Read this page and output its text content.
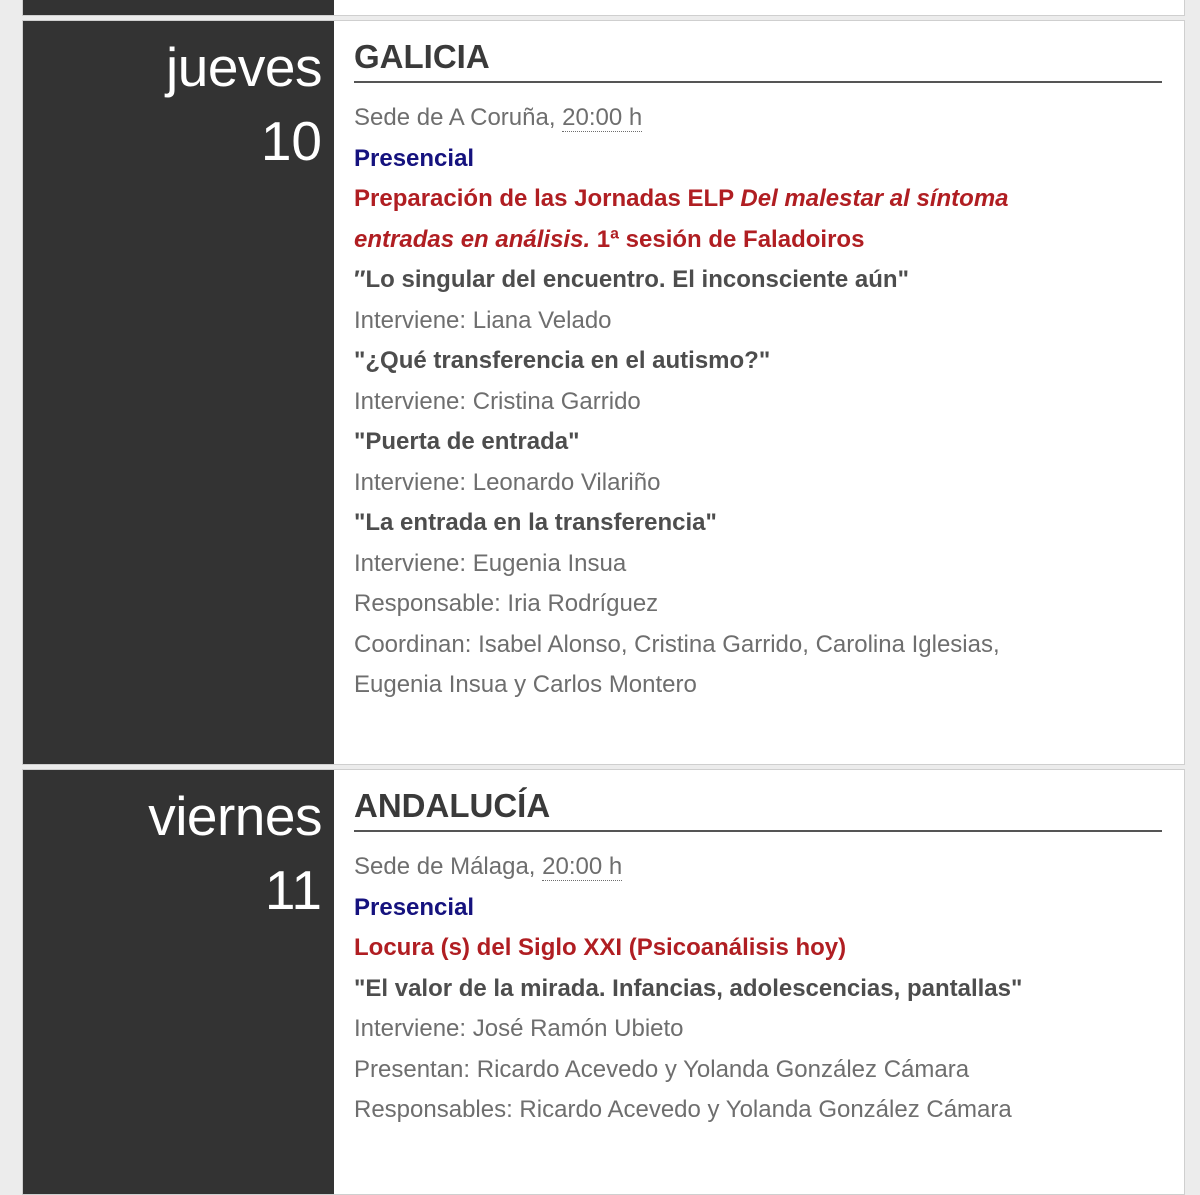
jueves
10
GALICIA
Sede de A Coruña, 20:00 h
Presencial
Preparación de las Jornadas ELP Del malestar al síntoma
entradas en análisis. 1ª sesión de Faladoiros
″Lo singular del encuentro. El inconsciente aún"
Interviene: Liana Velado
"¿Qué transferencia en el autismo?"
Interviene: Cristina Garrido
"Puerta de entrada"
Interviene: Leonardo Vilariño
"La entrada en la transferencia"
Interviene: Eugenia Insua
Responsable: Iria Rodríguez
Coordinan: Isabel Alonso, Cristina Garrido, Carolina Iglesias,
Eugenia Insua y Carlos Montero
viernes
11
ANDALUCÍA
Sede de Málaga, 20:00 h
Presencial
Locura (s) del Siglo XXI (Psicoanálisis hoy)
"El valor de la mirada. Infancias, adolescencias, pantallas"
Interviene: José Ramón Ubieto
Presentan: Ricardo Acevedo y Yolanda González Cámara
Responsables: Ricardo Acevedo y Yolanda González Cámara
